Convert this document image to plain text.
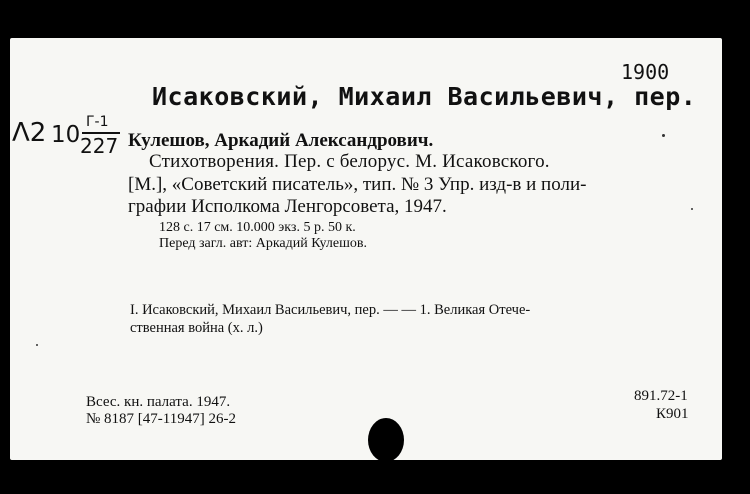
1900
Исаковский, Михаил Васильевич, пер.
Λ2 10 Г-1
227 Кулешов, Аркадий Александрович.
Стихотворения. Пер. с белорус. М. Исаковского.
[М.], «Советский писатель», тип. № 3 Упр. изд-в и поли-
графии Исполкома Ленгорсовета, 1947.
128 с. 17 см. 10.000 экз. 5 р. 50 к.
Перед загл. авт: Аркадий Кулешов.
I. Исаковский, Михаил Васильевич, пер. — — 1. Великая Отече-
ственная война (х. л.)
Всес. кн. палата. 1947.
№ 8187 [47-11947] 26-2
891.72-1
К901
